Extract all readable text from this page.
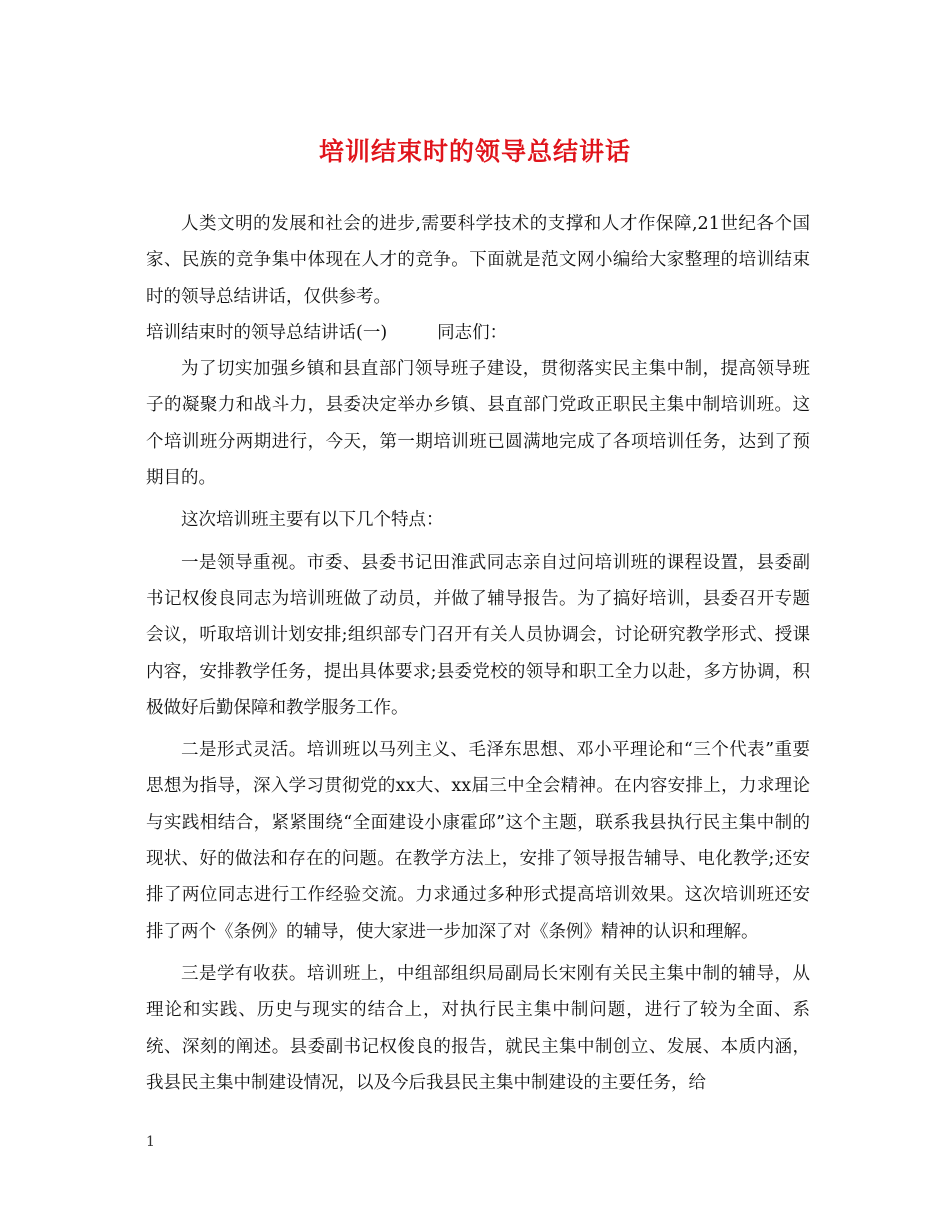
培训结束时的领导总结讲话

人类文明的发展和社会的进步,需要科学技术的支撑和人才作保障,21世纪各个国家、民族的竞争集中体现在人才的竞争。下面就是范文网小编给大家整理的培训结束时的领导总结讲话，仅供参考。

培训结束时的领导总结讲话(一)	同志们：

为了切实加强乡镇和县直部门领导班子建设，贯彻落实民主集中制，提高领导班子的凝聚力和战斗力，县委决定举办乡镇、县直部门党政正职民主集中制培训班。这个培训班分两期进行，今天，第一期培训班已圆满地完成了各项培训任务，达到了预期目的。

这次培训班主要有以下几个特点：

一是领导重视。市委、县委书记田淮武同志亲自过问培训班的课程设置，县委副书记权俊良同志为培训班做了动员，并做了辅导报告。为了搞好培训，县委召开专题会议，听取培训计划安排;组织部专门召开有关人员协调会，讨论研究教学形式、授课内容，安排教学任务，提出具体要求;县委党校的领导和职工全力以赴，多方协调，积极做好后勤保障和教学服务工作。

二是形式灵活。培训班以马列主义、毛泽东思想、邓小平理论和“三个代表”重要思想为指导，深入学习贯彻党的xx大、xx届三中全会精神。在内容安排上，力求理论与实践相结合，紧紧围绕“全面建设小康霍邱”这个主题，联系我县执行民主集中制的现状、好的做法和存在的问题。在教学方法上，安排了领导报告辅导、电化教学;还安排了两位同志进行工作经验交流。力求通过多种形式提高培训效果。这次培训班还安排了两个《条例》的辅导，使大家进一步加深了对《条例》精神的认识和理解。

三是学有收获。培训班上，中组部组织局副局长宋刚有关民主集中制的辅导，从理论和实践、历史与现实的结合上，对执行民主集中制问题，进行了较为全面、系统、深刻的阐述。县委副书记权俊良的报告，就民主集中制创立、发展、本质内涵，我县民主集中制建设情况，以及今后我县民主集中制建设的主要任务，给

1
